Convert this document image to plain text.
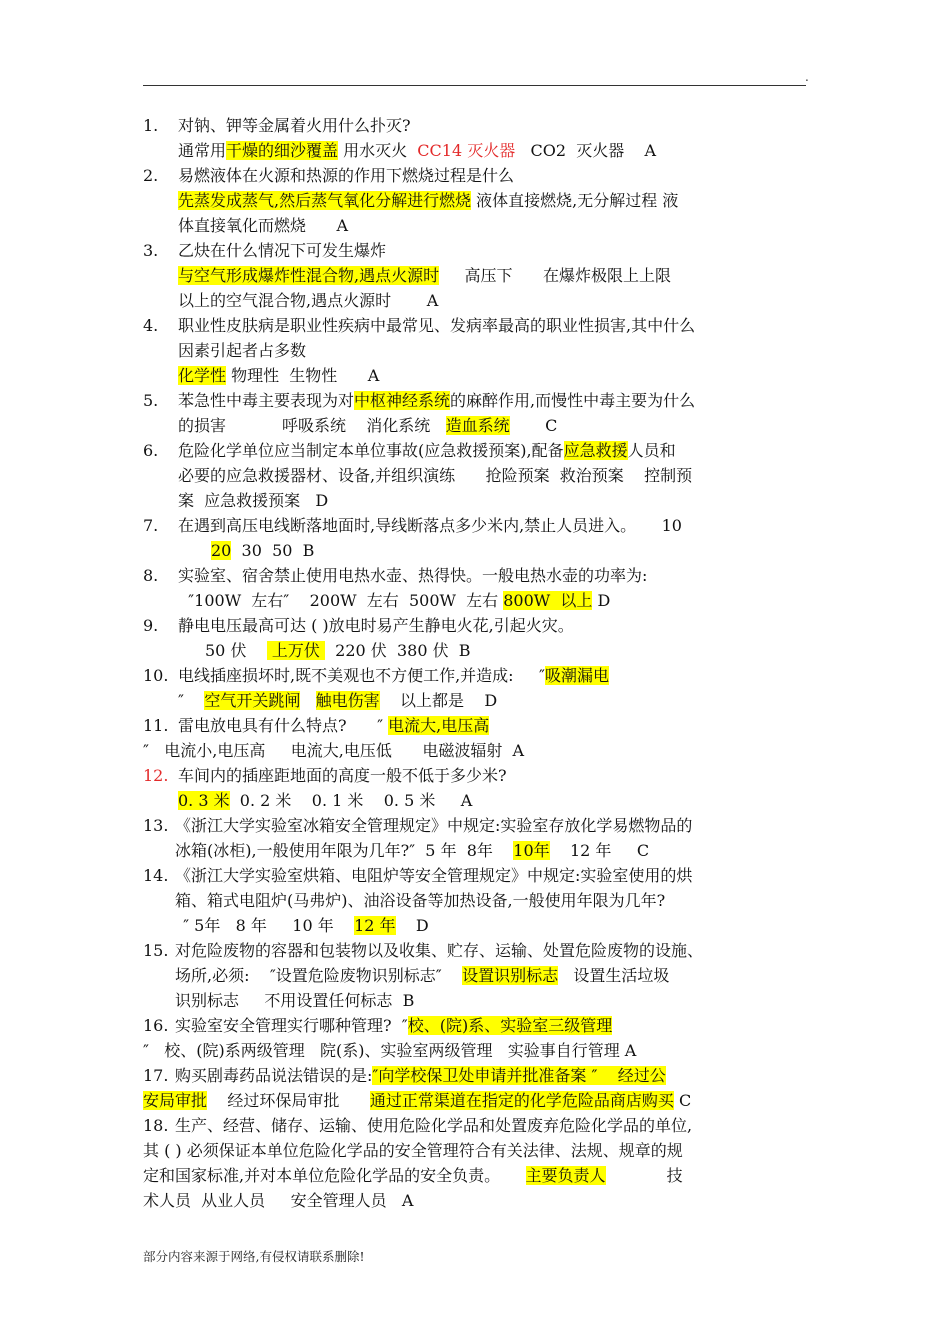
.
1. 对钠、钾等金属着火用什么扑灭?
通常用干燥的细沙覆盖 用水灭火  CC14 灭火器   CO2  灭火器    A
2. 易燃液体在火源和热源的作用下燃烧过程是什么
先蒸发成蒸气,然后蒸气氧化分解进行燃烧 液体直接燃烧,无分解过程 液
体直接氧化而燃烧      A
3. 乙炔在什么情况下可发生爆炸
与空气形成爆炸性混合物,遇点火源时     高压下      在爆炸极限上上限
以上的空气混合物,遇点火源时       A
4. 职业性皮肤病是职业性疾病中最常见、发病率最高的职业性损害,其中什么
因素引起者占多数
化学性 物理性  生物性      A
5. 苯急性中毒主要表现为对中枢神经系统的麻醉作用,而慢性中毒主要为什么
的损害           呼吸系统    消化系统   造血系统       C
6. 危险化学单位应当制定本单位事故(应急救援预案),配备应急救援人员和
必要的应急救援器材、设备,并组织演练      抢险预案  救治预案    控制预
案  应急救援预案   D
7. 在遇到高压电线断落地面时,导线断落点多少米内,禁止人员进入。     10
20  30  50  B
8. 实验室、宿舍禁止使用电热水壶、热得快。一般电热水壶的功率为:
″100W  左右″    200W  左右  500W  左右 800W  以上 D
9. 静电电压最高可达 ( )放电时易产生静电火花,引起火灾。
50 伏     上万伏   220 伏  380 伏  B
10. 电线插座损坏时,既不美观也不方便工作,并造成:     ″吸潮漏电
″    空气开关跳闸 触电伤害    以上都是    D
11. 雷电放电具有什么特点?      ″ 电流大,电压高
″   电流小,电压高     电流大,电压低      电磁波辐射  A
12. 车间内的插座距地面的高度一般不低于多少米?
0. 3 米  0. 2 米    0. 1 米    0. 5 米     A
13. 《浙江大学实验室冰箱安全管理规定》中规定:实验室存放化学易燃物品的
冰箱(冰柜),一般使用年限为几年?″  5 年  8年    10年    12 年     C
14. 《浙江大学实验室烘箱、电阻炉等安全管理规定》中规定:实验室使用的烘
箱、箱式电阻炉(马弗炉)、油浴设备等加热设备,一般使用年限为几年?
″ 5年   8 年     10 年    12 年    D
15. 对危险废物的容器和包装物以及收集、贮存、运输、处置危险废物的设施、
场所,必须:    ″设置危险废物识别标志″    设置识别标志   设置生活垃圾
识别标志     不用设置任何标志  B
16. 实验室安全管理实行哪种管理?  ″校、(院)系、实验室三级管理
″   校、(院)系两级管理   院(系)、实验室两级管理   实验事自行管理 A
17. 购买剧毒药品说法错误的是:″向学校保卫处申请并批准备案 ″    经过公
安局审批    经过环保局审批      通过正常渠道在指定的化学危险品商店购买 C
18. 生产、经营、储存、运输、使用危险化学品和处置废弃危险化学品的单位,
其 ( ) 必须保证本单位危险化学品的安全管理符合有关法律、法规、规章的规
定和国家标准,并对本单位危险化学品的安全负责。     主要负责人            技
术人员  从业人员     安全管理人员   A
部分内容来源于网络,有侵权请联系删除!
